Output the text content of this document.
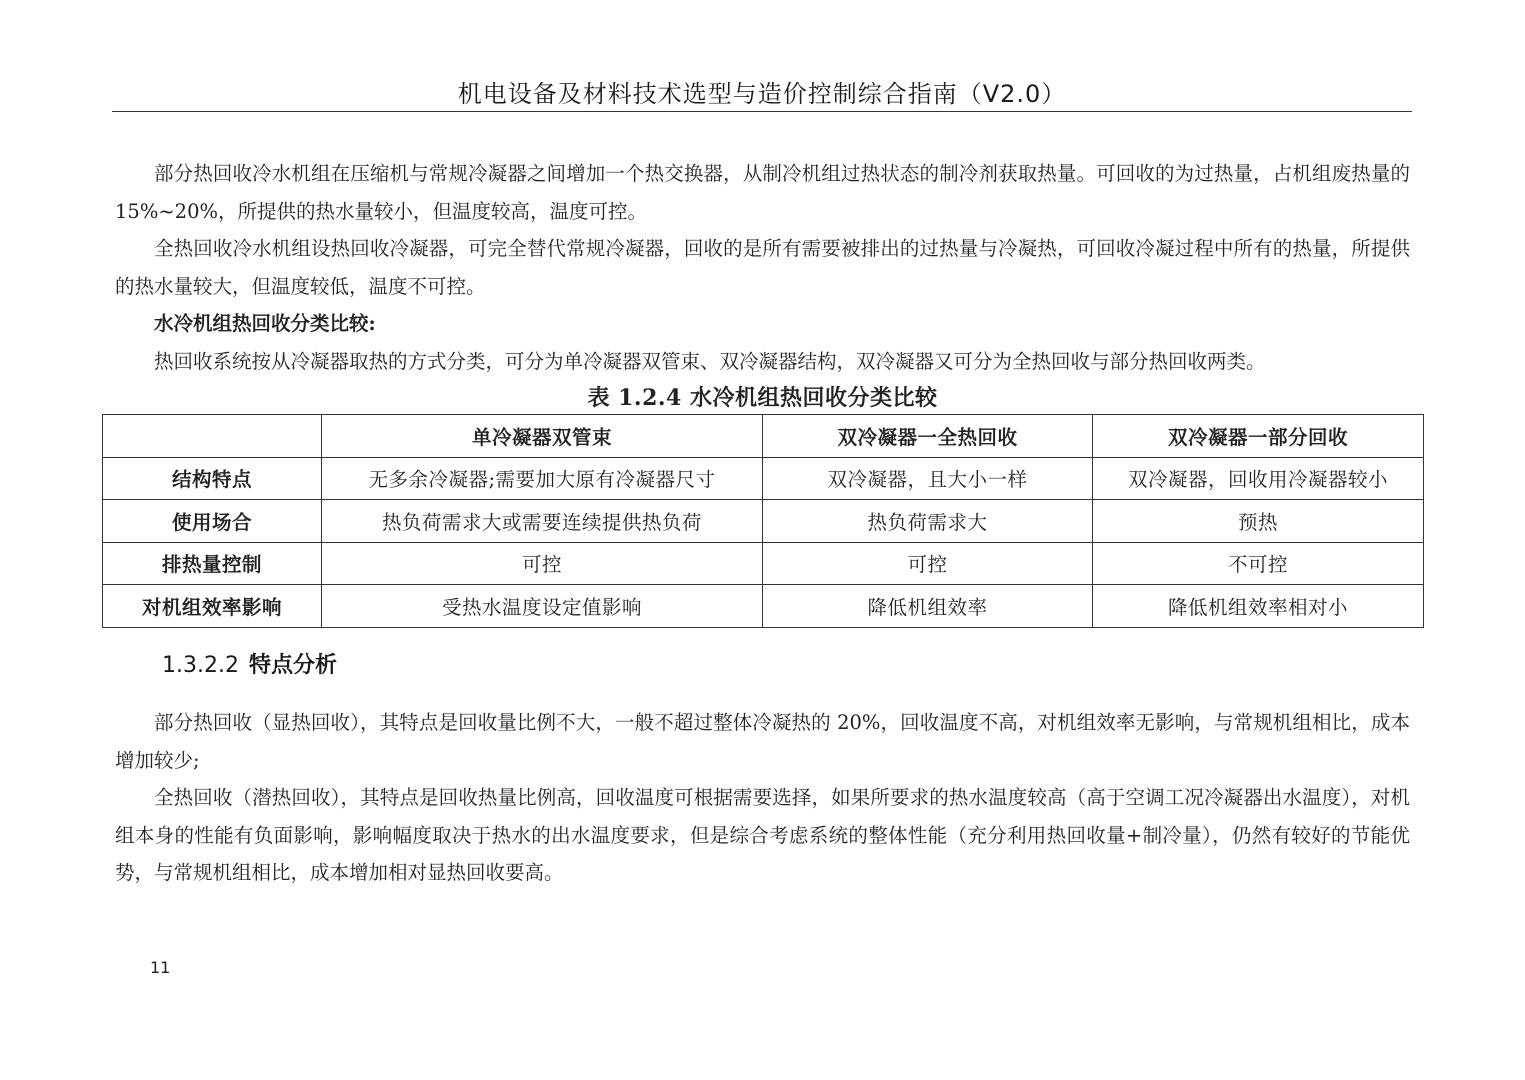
机电设备及材料技术选型与造价控制综合指南（V2.0）

部分热回收冷水机组在压缩机与常规冷凝器之间增加一个热交换器，从制冷机组过热状态的制冷剂获取热量。可回收的为过热量，占机组废热量的15%~20%，所提供的热水量较小，但温度较高，温度可控。

全热回收冷水机组设热回收冷凝器，可完全替代常规冷凝器，回收的是所有需要被排出的过热量与冷凝热，可回收冷凝过程中所有的热量，所提供的热水量较大，但温度较低，温度不可控。

水冷机组热回收分类比较:

热回收系统按从冷凝器取热的方式分类，可分为单冷凝器双管束、双冷凝器结构，双冷凝器又可分为全热回收与部分热回收两类。

表 1.2.4 水冷机组热回收分类比较
	单冷凝器双管束	双冷凝器一全热回收	双冷凝器一部分回收
结构特点	无多余冷凝器;需要加大原有冷凝器尺寸	双冷凝器，且大小一样	双冷凝器，回收用冷凝器较小
使用场合	热负荷需求大或需要连续提供热负荷	热负荷需求大	预热
排热量控制	可控	可控	不可控
对机组效率影响	受热水温度设定值影响	降低机组效率	降低机组效率相对小
1.3.2.2 特点分析

部分热回收（显热回收），其特点是回收量比例不大，一般不超过整体冷凝热的 20%，回收温度不高，对机组效率无影响，与常规机组相比，成本增加较少;

全热回收（潜热回收），其特点是回收热量比例高，回收温度可根据需要选择，如果所要求的热水温度较高（高于空调工况冷凝器出水温度），对机组本身的性能有负面影响，影响幅度取决于热水的出水温度要求，但是综合考虑系统的整体性能（充分利用热回收量+制冷量），仍然有较好的节能优势，与常规机组相比，成本增加相对显热回收要高。

11
